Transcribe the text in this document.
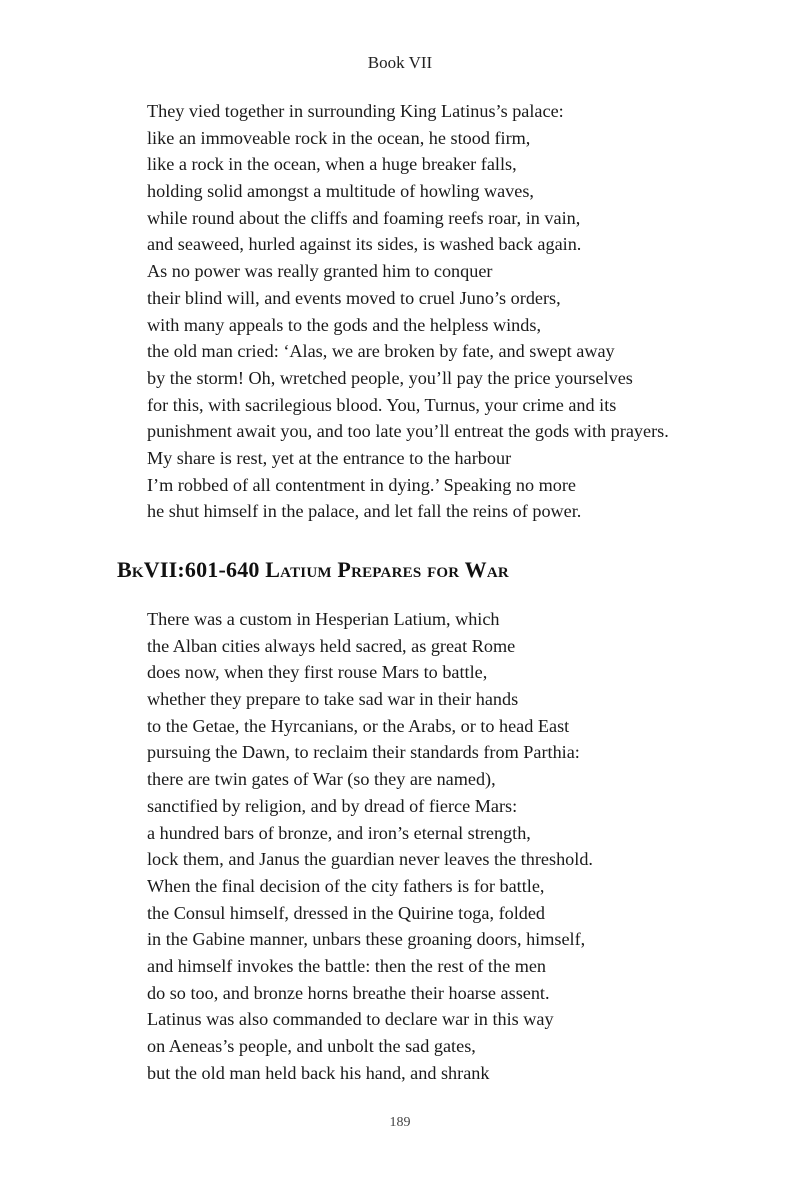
Book VII
They vied together in surrounding King Latinus’s palace:
like an immoveable rock in the ocean, he stood firm,
like a rock in the ocean, when a huge breaker falls,
holding solid amongst a multitude of howling waves,
while round about the cliffs and foaming reefs roar, in vain,
and seaweed, hurled against its sides, is washed back again.
As no power was really granted him to conquer
their blind will, and events moved to cruel Juno’s orders,
with many appeals to the gods and the helpless winds,
the old man cried: ‘Alas, we are broken by fate, and swept away
by the storm! Oh, wretched people, you’ll pay the price yourselves
for this, with sacrilegious blood. You, Turnus, your crime and its
punishment await you, and too late you’ll entreat the gods with prayers.
My share is rest, yet at the entrance to the harbour
I’m robbed of all contentment in dying.’ Speaking no more
he shut himself in the palace, and let fall the reins of power.
BkVII:601-640 Latium Prepares for War
There was a custom in Hesperian Latium, which
the Alban cities always held sacred, as great Rome
does now, when they first rouse Mars to battle,
whether they prepare to take sad war in their hands
to the Getae, the Hyrcanians, or the Arabs, or to head East
pursuing the Dawn, to reclaim their standards from Parthia:
there are twin gates of War (so they are named),
sanctified by religion, and by dread of fierce Mars:
a hundred bars of bronze, and iron’s eternal strength,
lock them, and Janus the guardian never leaves the threshold.
When the final decision of the city fathers is for battle,
the Consul himself, dressed in the Quirine toga, folded
in the Gabine manner, unbars these groaning doors, himself,
and himself invokes the battle: then the rest of the men
do so too, and bronze horns breathe their hoarse assent.
Latinus was also commanded to declare war in this way
on Aeneas’s people, and unbolt the sad gates,
but the old man held back his hand, and shrank
189
